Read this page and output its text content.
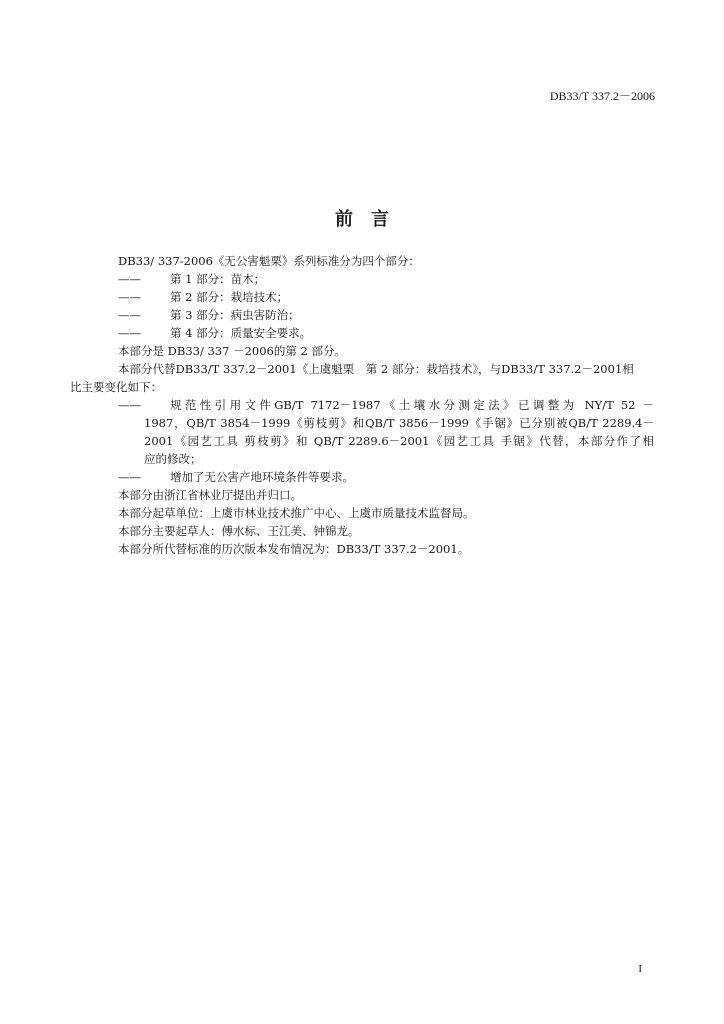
DB33/T 337.2－2006
前言
DB33/ 337-2006《无公害魁栗》系列标准分为四个部分：
——	第 1 部分：苗木；
——	第 2 部分：栽培技术；
——	第 3 部分：病虫害防治；
——	第 4 部分：质量安全要求。
本部分是 DB33/ 337 －2006的第 2 部分。
本部分代替DB33/T 337.2－2001《上虞魁栗　第 2 部分：栽培技术》，与DB33/T 337.2－2001相
比主要变化如下：
——	规范性引用文件GB/T 7172－1987《土壤水分测定法》已调整为 NY/T 52 －
1987，QB/T 3854－1999《剪枝剪》和QB/T 3856－1999《手锯》已分别被QB/T 2289.4－
2001《园艺工具 剪枝剪》和 QB/T 2289.6－2001《园艺工具 手锯》代替，本部分作了相
应的修改；
——	增加了无公害产地环境条件等要求。
本部分由浙江省林业厅提出并归口。
本部分起草单位：上虞市林业技术推广中心、上虞市质量技术监督局。
本部分主要起草人：傅水标、王江美、钟锦龙。
本部分所代替标准的历次版本发布情况为：DB33/T 337.2－2001。
I
